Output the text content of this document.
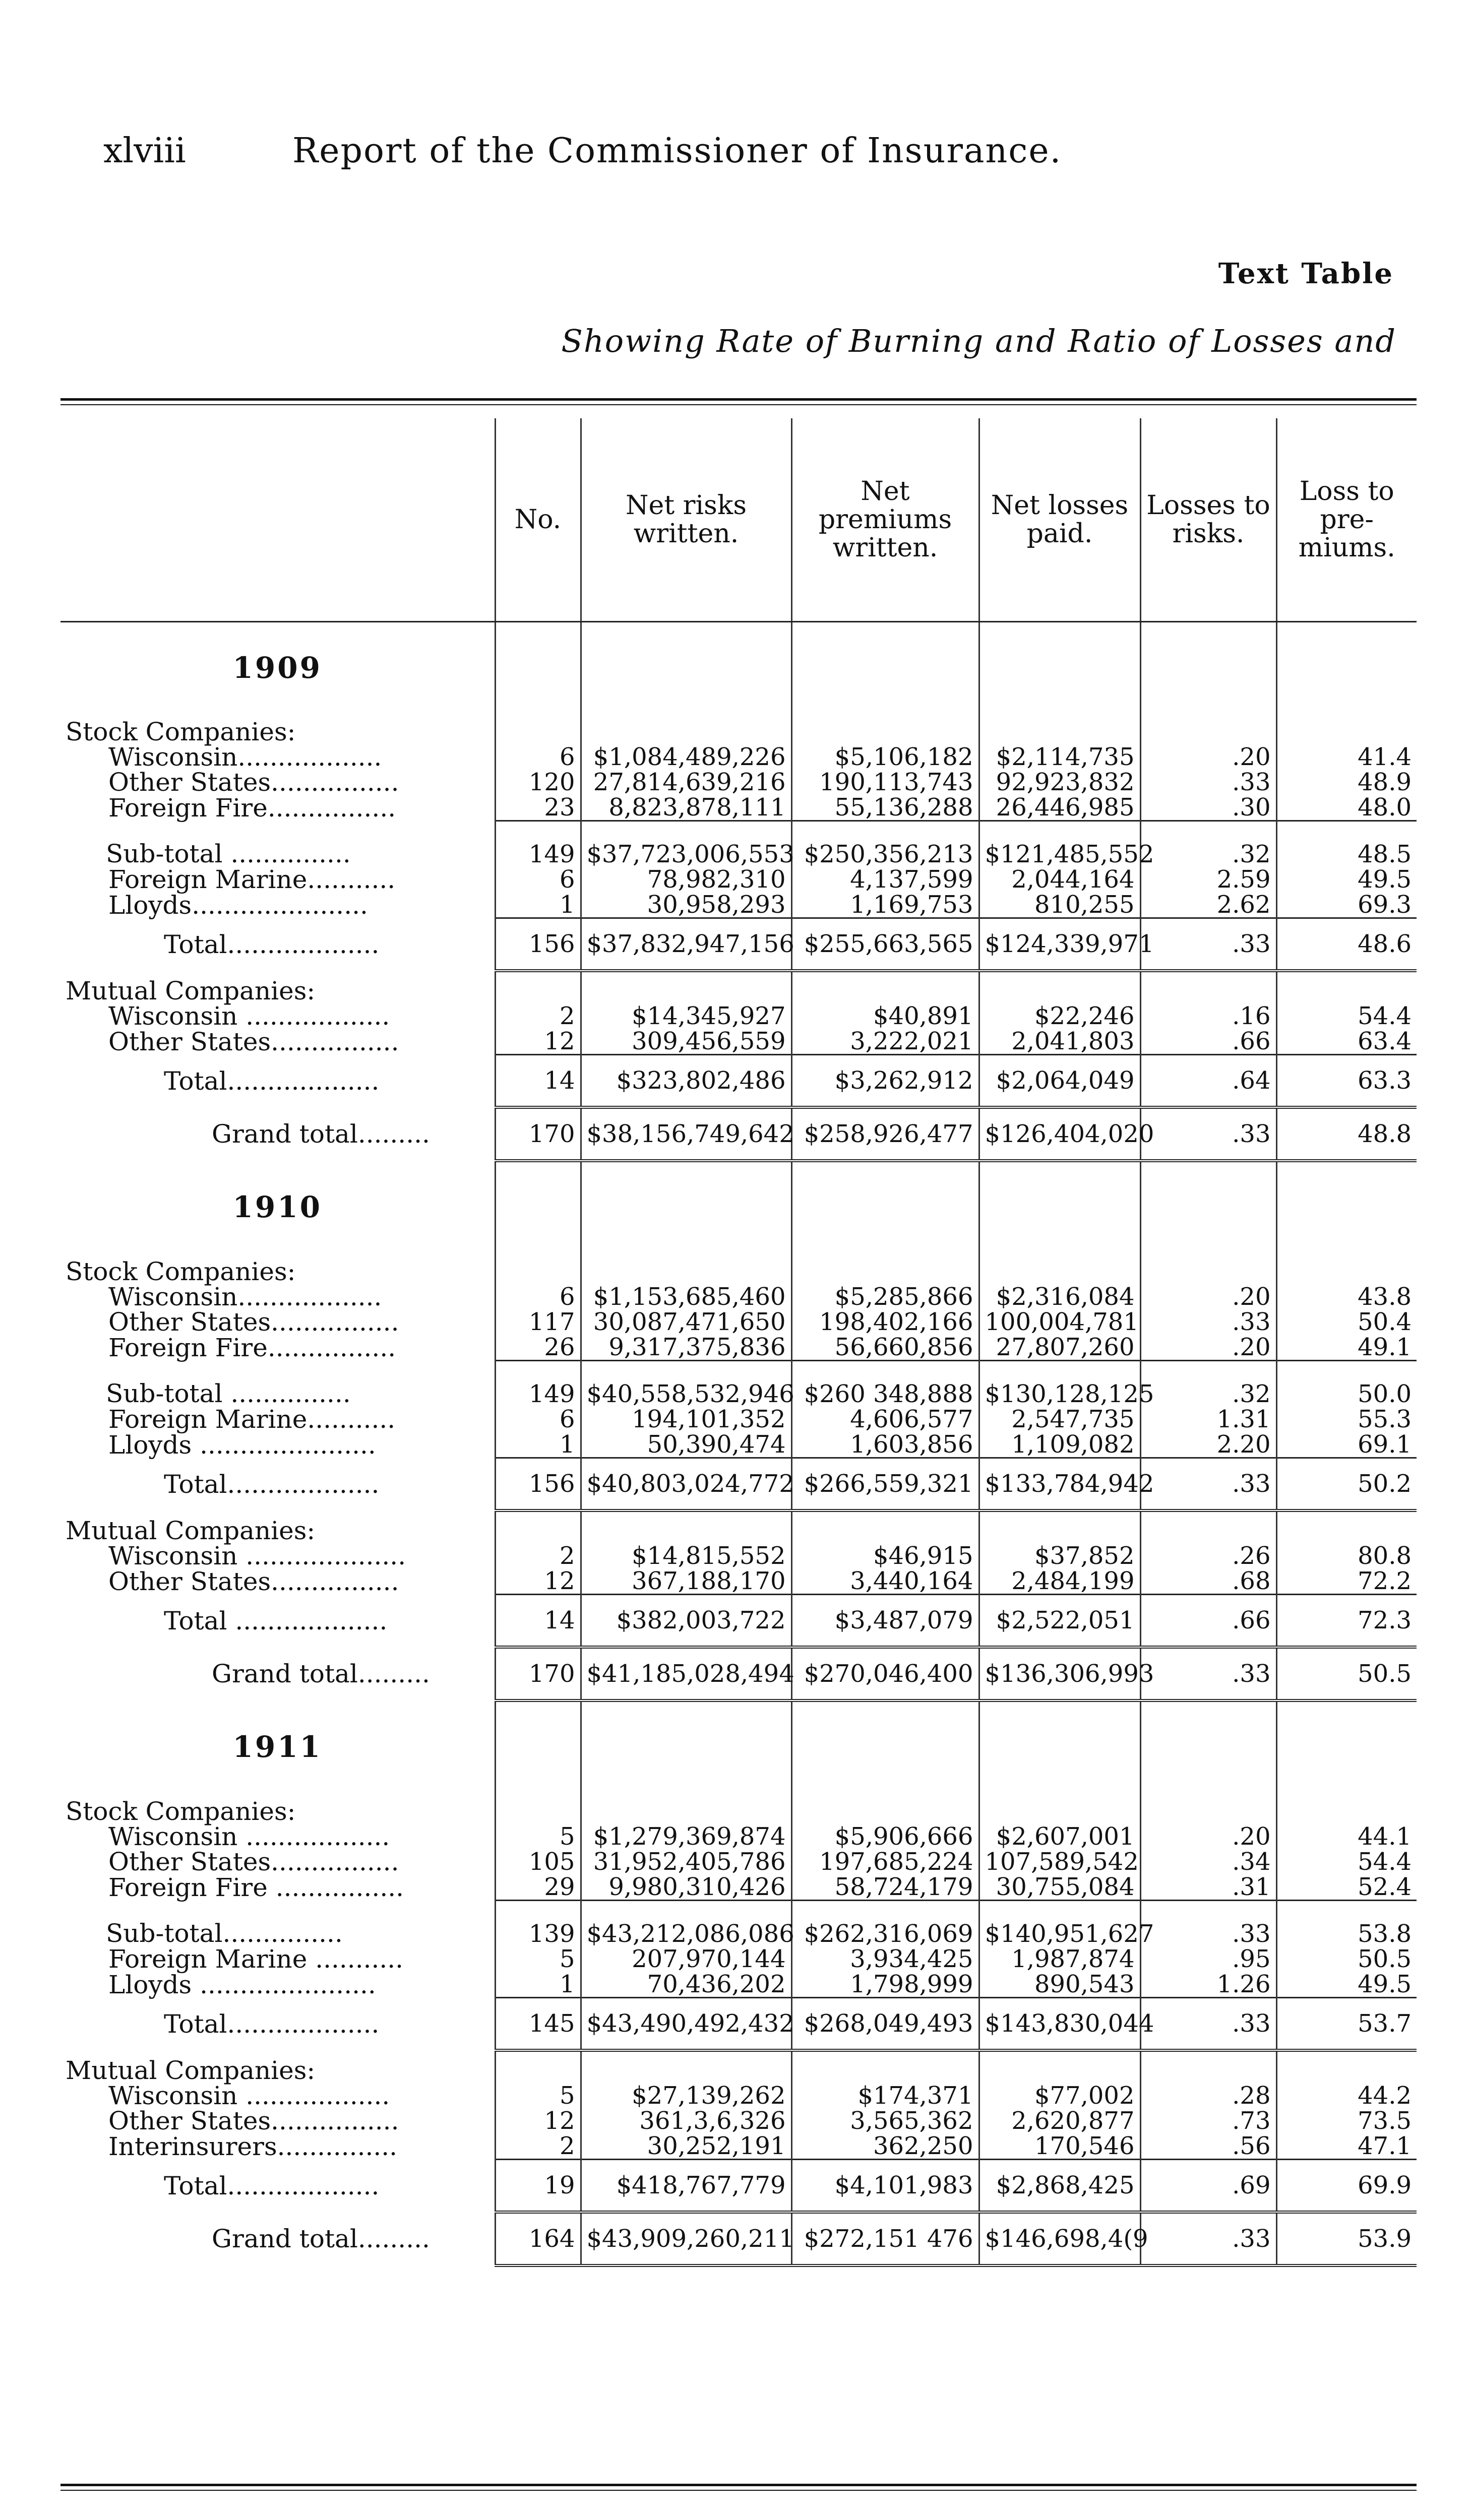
xlviii	Report of the Commissioner of Insurance.
Text Table
Showing Rate of Burning and Ratio of Losses and
	No.	Net risks written.	Net premiums written.	Net losses paid.	Losses to risks.	Loss to pre-miums.
1909						
Stock Companies:						
Wisconsin..................	6	$1,084,489,226	$5,106,182	$2,114,735	.20	41.4
Other States................	120	27,814,639,216	190,113,743	92,923,832	.33	48.9
Foreign Fire................	23	8,823,878,111	55,136,288	26,446,985	.30	48.0
Sub-total ...............	149	$37,723,006,553	$250,356,213	$121,485,552	.32	48.5
Foreign Marine...........	6	78,982,310	4,137,599	2,044,164	2.59	49.5
Lloyds......................	1	30,958,293	1,169,753	810,255	2.62	69.3
Total...................	156	$37,832,947,156	$255,663,565	$124,339,971	.33	48.6
Mutual Companies:						
Wisconsin ..................	2	$14,345,927	$40,891	$22,246	.16	54.4
Other States................	12	309,456,559	3,222,021	2,041,803	.66	63.4
Total...................	14	$323,802,486	$3,262,912	$2,064,049	.64	63.3
Grand total.........	170	$38,156,749,642	$258,926,477	$126,404,020	.33	48.8
1910						
Stock Companies:						
Wisconsin..................	6	$1,153,685,460	$5,285,866	$2,316,084	.20	43.8
Other States................	117	30,087,471,650	198,402,166	100,004,781	.33	50.4
Foreign Fire................	26	9,317,375,836	56,660,856	27,807,260	.20	49.1
Sub-total ...............	149	$40,558,532,946	$260 348,888	$130,128,125	.32	50.0
Foreign Marine...........	6	194,101,352	4,606,577	2,547,735	1.31	55.3
Lloyds ......................	1	50,390,474	1,603,856	1,109,082	2.20	69.1
Total...................	156	$40,803,024,772	$266,559,321	$133,784,942	.33	50.2
Mutual Companies:						
Wisconsin ....................	2	$14,815,552	$46,915	$37,852	.26	80.8
Other States................	12	367,188,170	3,440,164	2,484,199	.68	72.2
Total ...................	14	$382,003,722	$3,487,079	$2,522,051	.66	72.3
Grand total.........	170	$41,185,028,494	$270,046,400	$136,306,993	.33	50.5
1911						
Stock Companies:						
Wisconsin ..................	5	$1,279,369,874	$5,906,666	$2,607,001	.20	44.1
Other States................	105	31,952,405,786	197,685,224	107,589,542	.34	54.4
Foreign Fire ................	29	9,980,310,426	58,724,179	30,755,084	.31	52.4
Sub-total...............	139	$43,212,086,086	$262,316,069	$140,951,627	.33	53.8
Foreign Marine ...........	5	207,970,144	3,934,425	1,987,874	.95	50.5
Lloyds ......................	1	70,436,202	1,798,999	890,543	1.26	49.5
Total...................	145	$43,490,492,432	$268,049,493	$143,830,044	.33	53.7
Mutual Companies:						
Wisconsin ..................	5	$27,139,262	$174,371	$77,002	.28	44.2
Other States................	12	361,3,6,326	3,565,362	2,620,877	.73	73.5
Interinsurers...............	2	30,252,191	362,250	170,546	.56	47.1
Total...................	19	$418,767,779	$4,101,983	$2,868,425	.69	69.9
Grand total.........	164	$43,909,260,211	$272,151 476	$146,698,4(9	.33	53.9
